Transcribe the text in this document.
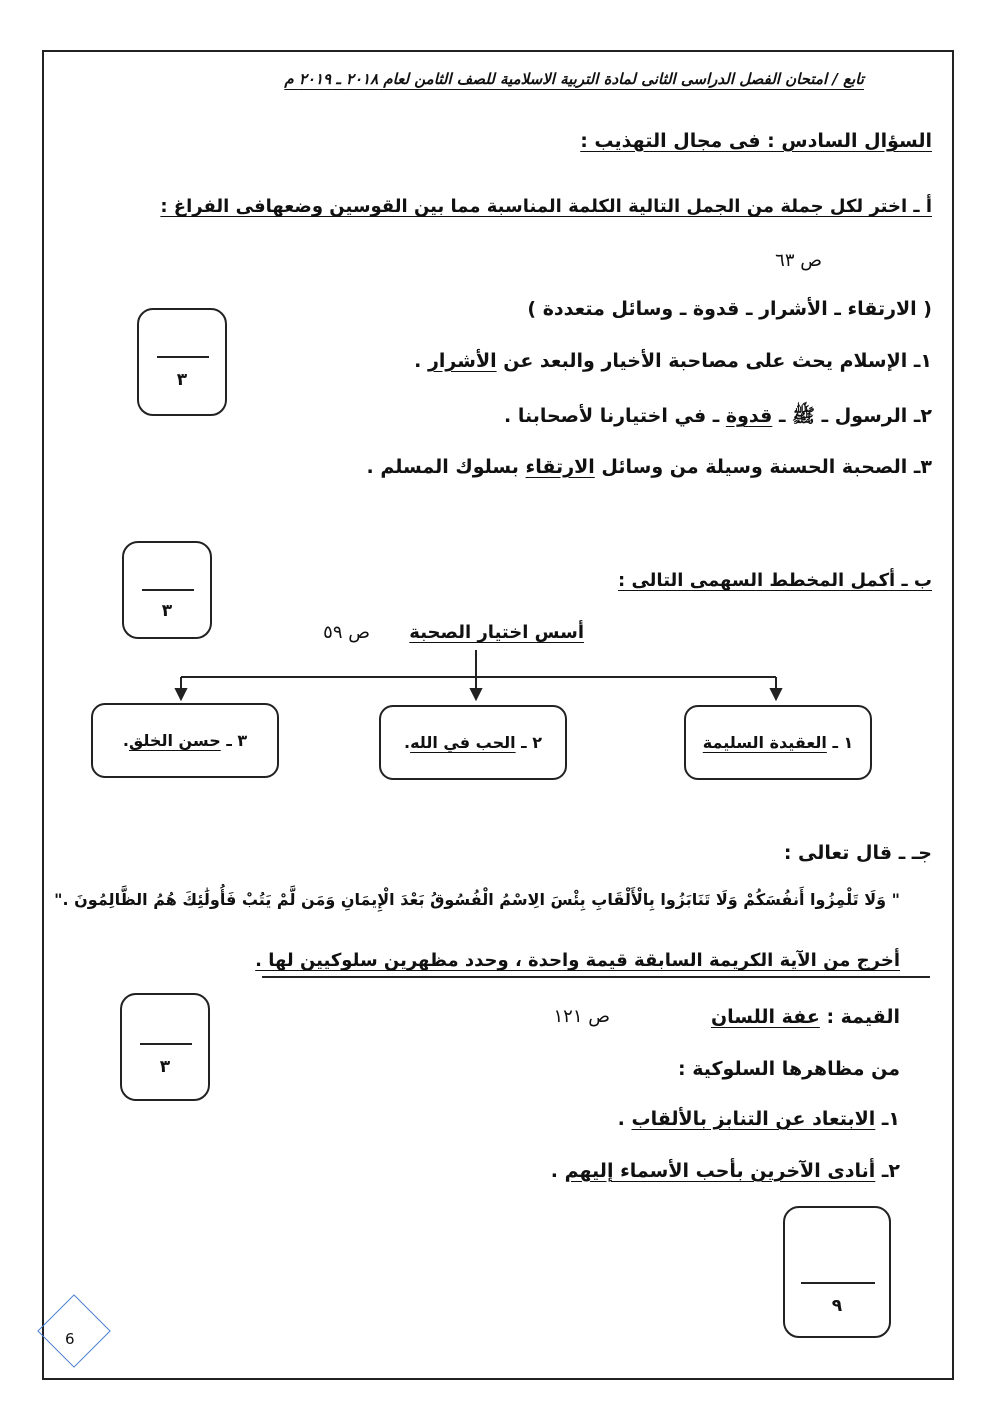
تابع / امتحان الفصل الدراسى الثانى لمادة التربية الاسلامية للصف الثامن لعام ٢٠١٨ ـ ٢٠١٩ م
السؤال السادس : فى مجال التهذيب :
أ ـ اختر لكل جملة من الجمل التالية الكلمة المناسبة مما بين القوسين وضعهافى الفراغ :
ص ٦٣
( الارتقاء ـ الأشرار ـ قدوة ـ وسائل متعددة )
١ـ الإسلام يحث على مصاحبة الأخيار والبعد عن الأشرار .
٢ـ الرسول ـ ﷺ ـ قدوة ـ في اختيارنا لأصحابنا .
٣ـ الصحبة الحسنة وسيلة من وسائل الارتقاء بسلوك المسلم .
٣
٣
ب ـ أكمل المخطط السهمى التالى :
أسس اختيار الصحبة
ص ٥٩
١ ـ

العقيدة السليمة
٢ ـ

الحب في الله
.
٣ ـ

حسن الخلق
.
جـ ـ قال تعالى :
" وَلَا تَلْمِزُوا أَنفُسَكُمْ وَلَا تَنَابَزُوا بِالْأَلْقَابِ بِئْسَ الِاسْمُ الْفُسُوقُ بَعْدَ الْإِيمَانِ وَمَن لَّمْ يَتُبْ فَأُولَٰئِكَ هُمُ الظَّالِمُونَ ."
أخرج من الآية الكريمة السابقة قيمة واحدة ، وحدد مظهرين سلوكيين لها .
٣
القيمة : عفة اللسان
ص ١٢١
من مظاهرها السلوكية :
١ـ الابتعاد عن التنابز بالألقاب .
٢ـ أنادى الآخرين بأحب الأسماء إليهم .
٩
6
